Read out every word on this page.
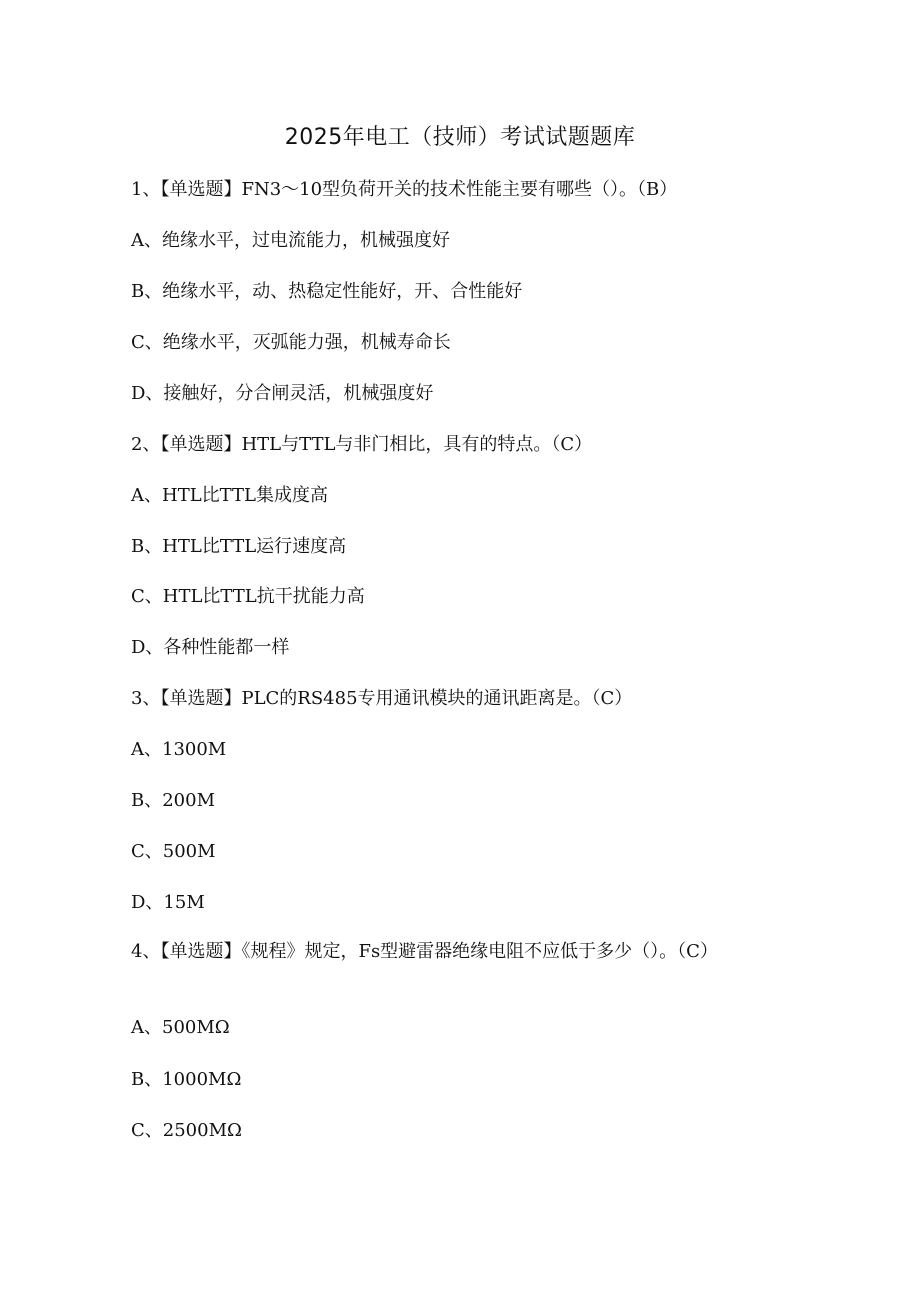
2025年电工（技师）考试试题题库
1、【单选题】FN3～10型负荷开关的技术性能主要有哪些（）。（B）
A、绝缘水平，过电流能力，机械强度好
B、绝缘水平，动、热稳定性能好，开、合性能好
C、绝缘水平，灭弧能力强，机械寿命长
D、接触好，分合闸灵活，机械强度好
2、【单选题】HTL与TTL与非门相比，具有的特点。（C）
A、HTL比TTL集成度高
B、HTL比TTL运行速度高
C、HTL比TTL抗干扰能力高
D、各种性能都一样
3、【单选题】PLC的RS485专用通讯模块的通讯距离是。（C）
A、1300M
B、200M
C、500M
D、15M
4、【单选题】《规程》规定，Fs型避雷器绝缘电阻不应低于多少（）。（C）
A、500MΩ
B、1000MΩ
C、2500MΩ
